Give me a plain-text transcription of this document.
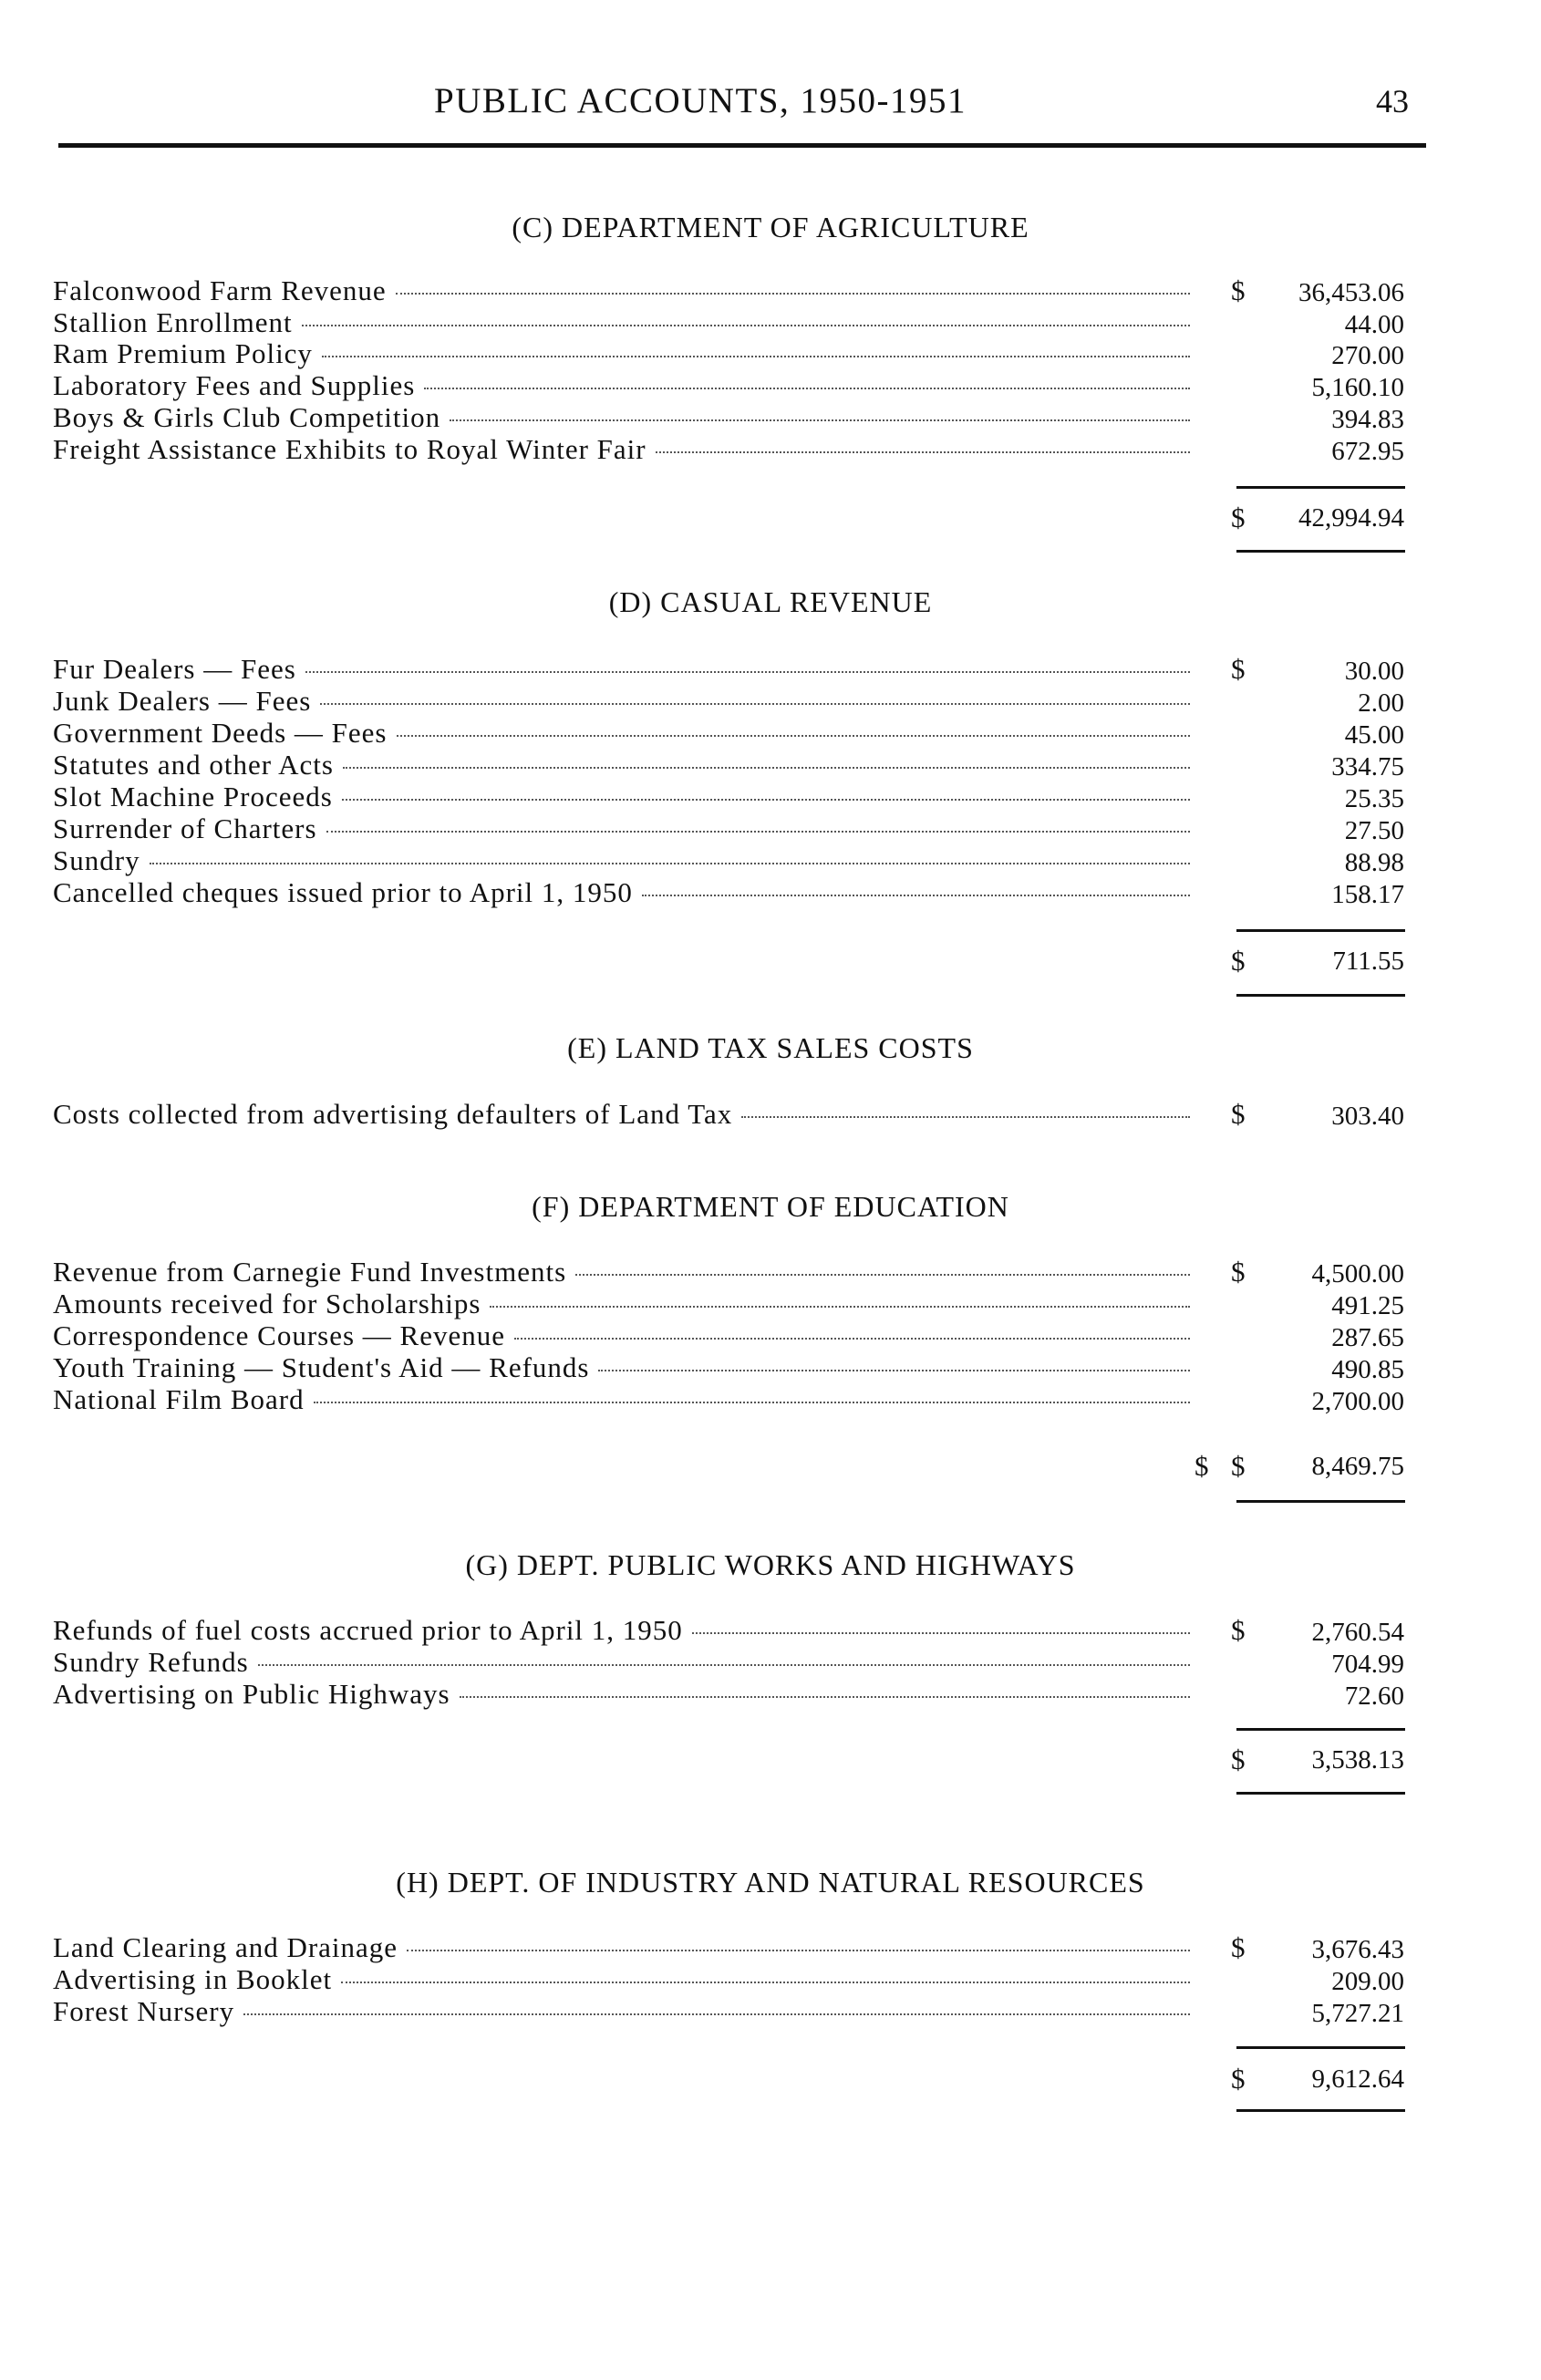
PUBLIC ACCOUNTS, 1950-1951	43
(C) DEPARTMENT OF AGRICULTURE
Falconwood Farm Revenue	$	36,453.06
Stallion Enrollment	44.00
Ram Premium Policy	270.00
Laboratory Fees and Supplies	5,160.10
Boys & Girls Club Competition	394.83
Freight Assistance Exhibits to Royal Winter Fair	672.95
$	42,994.94
(D) CASUAL REVENUE
Fur Dealers — Fees	$	30.00
Junk Dealers — Fees	2.00
Government Deeds — Fees	45.00
Statutes and other Acts	334.75
Slot Machine Proceeds	25.35
Surrender of Charters	27.50
Sundry	88.98
Cancelled cheques issued prior to April 1, 1950	158.17
$	711.55
(E) LAND TAX SALES COSTS
Costs collected from advertising defaulters of Land Tax	$	303.40
(F) DEPARTMENT OF EDUCATION
Revenue from Carnegie Fund Investments	$	4,500.00
Amounts received for Scholarships	491.25
Correspondence Courses — Revenue	287.65
Youth Training — Student's Aid — Refunds	490.85
National Film Board	2,700.00
$ $	8,469.75
(G) DEPT. PUBLIC WORKS AND HIGHWAYS
Refunds of fuel costs accrued prior to April 1, 1950	$	2,760.54
Sundry Refunds	704.99
Advertising on Public Highways	72.60
$	3,538.13
(H) DEPT. OF INDUSTRY AND NATURAL RESOURCES
Land Clearing and Drainage	$	3,676.43
Advertising in Booklet	209.00
Forest Nursery	5,727.21
$	9,612.64
